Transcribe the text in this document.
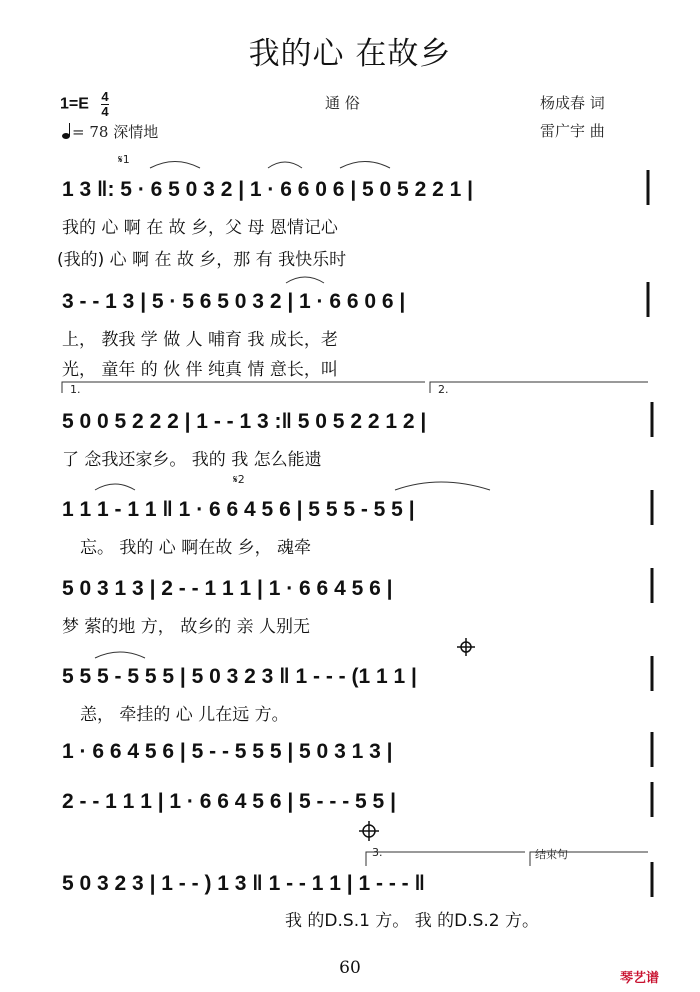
我的心 在故乡
$1=E \frac{4}{4}$	通 俗	杨成春 词
雷广宇 曲
= 78 深情地
𝄋1
𝄋2
1.	2.
3.	结束句
1 3 ‖: 5 · 6 5 0 3 2 | 1 · 6 6 0 6 | 5 0 5 2 2 1 |
我的 心 啊 在 故 乡，父 母 恩情记心
(我的) 心 啊 在 故 乡，那 有 我快乐时
3 - - 1 3 | 5 · 5 6 5 0 3 2 | 1 · 6 6 0 6 |
上， 教我 学 做 人 哺育 我 成长，老
光， 童年 的 伙 伴 纯真 情 意长，叫
5 0 0 5 2 2 2 | 1 - - 1 3 :‖ 5 0 5 2 2 1 2 |
了 念我还家乡。 我的 我 怎么能遗
1 1 1 - 1 1 ‖ 1 · 6 6 4 5 6 | 5 5 5 - 5 5 |
忘。 我的 心 啊在故 乡， 魂牵
5 0 3 1 3 | 2 - - 1 1 1 | 1 · 6 6 4 5 6 |
梦 萦的地 方， 故乡的 亲 人别无
5 5 5 - 5 5 5 | 5 0 3 2 3 ‖ 1 - - - (1 1 1 |
恙， 牵挂的 心 儿在远 方。
1 · 6 6 4 5 6 | 5 - - 5 5 5 | 5 0 3 1 3 |
2 - - 1 1 1 | 1 · 6 6 4 5 6 | 5 - - - 5 5 |
5 0 3 2 3 | 1 - - ) 1 3 ‖ 1 - - 1 1 | 1 - - - ‖
我 的D.S.1 方。 我 的D.S.2 方。
60
琴艺谱
